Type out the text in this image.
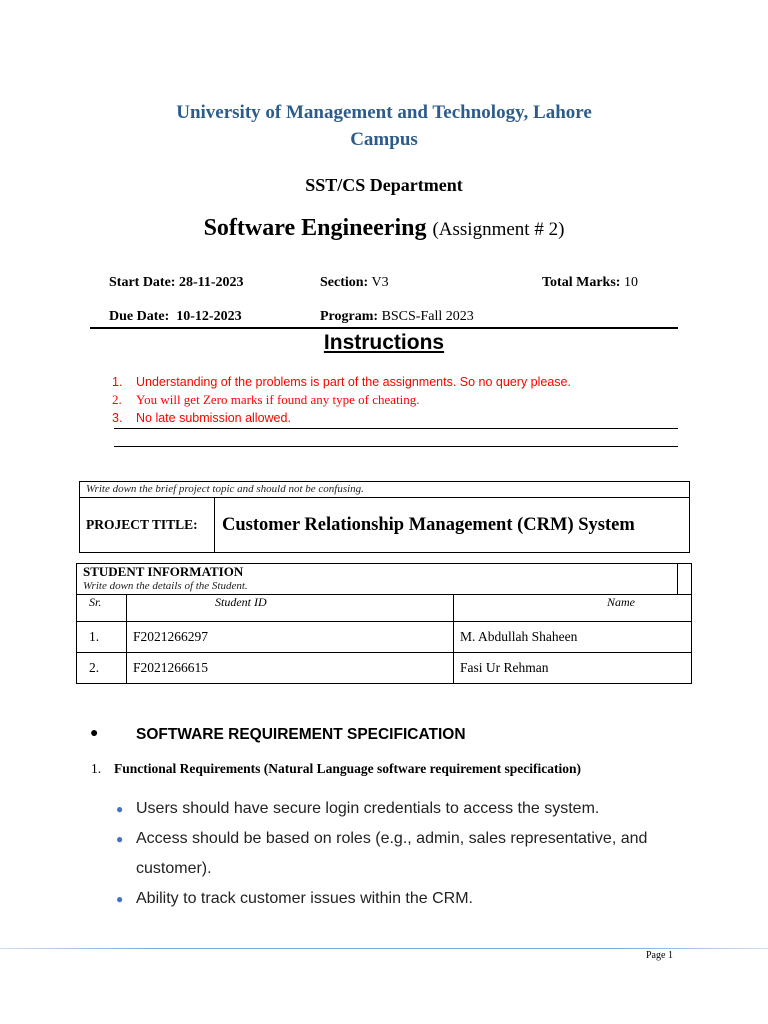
University of Management and Technology, Lahore
Campus
SST/CS Department
Software Engineering (Assignment # 2)
Start Date: 28-11-2023	Section: V3	Total Marks: 10
Due Date: 10-12-2023	Program: BSCS-Fall 2023
Instructions
1.	Understanding of the problems is part of the assignments. So no query please.
2.	You will get Zero marks if found any type of cheating.
3.	No late submission allowed.
Write down the brief project topic and should not be confusing.
PROJECT TITLE: Customer Relationship Management (CRM) System
STUDENT INFORMATION
Write down the details of the Student.
Sr.	Student ID	Name
1.	F2021266297	M. Abdullah Shaheen
2.	F2021266615	Fasi Ur Rehman
● SOFTWARE REQUIREMENT SPECIFICATION
1. Functional Requirements (Natural Language software requirement specification)
● Users should have secure login credentials to access the system.
● Access should be based on roles (e.g., admin, sales representative, and
customer).
● Ability to track customer issues within the CRM.
Page 1
